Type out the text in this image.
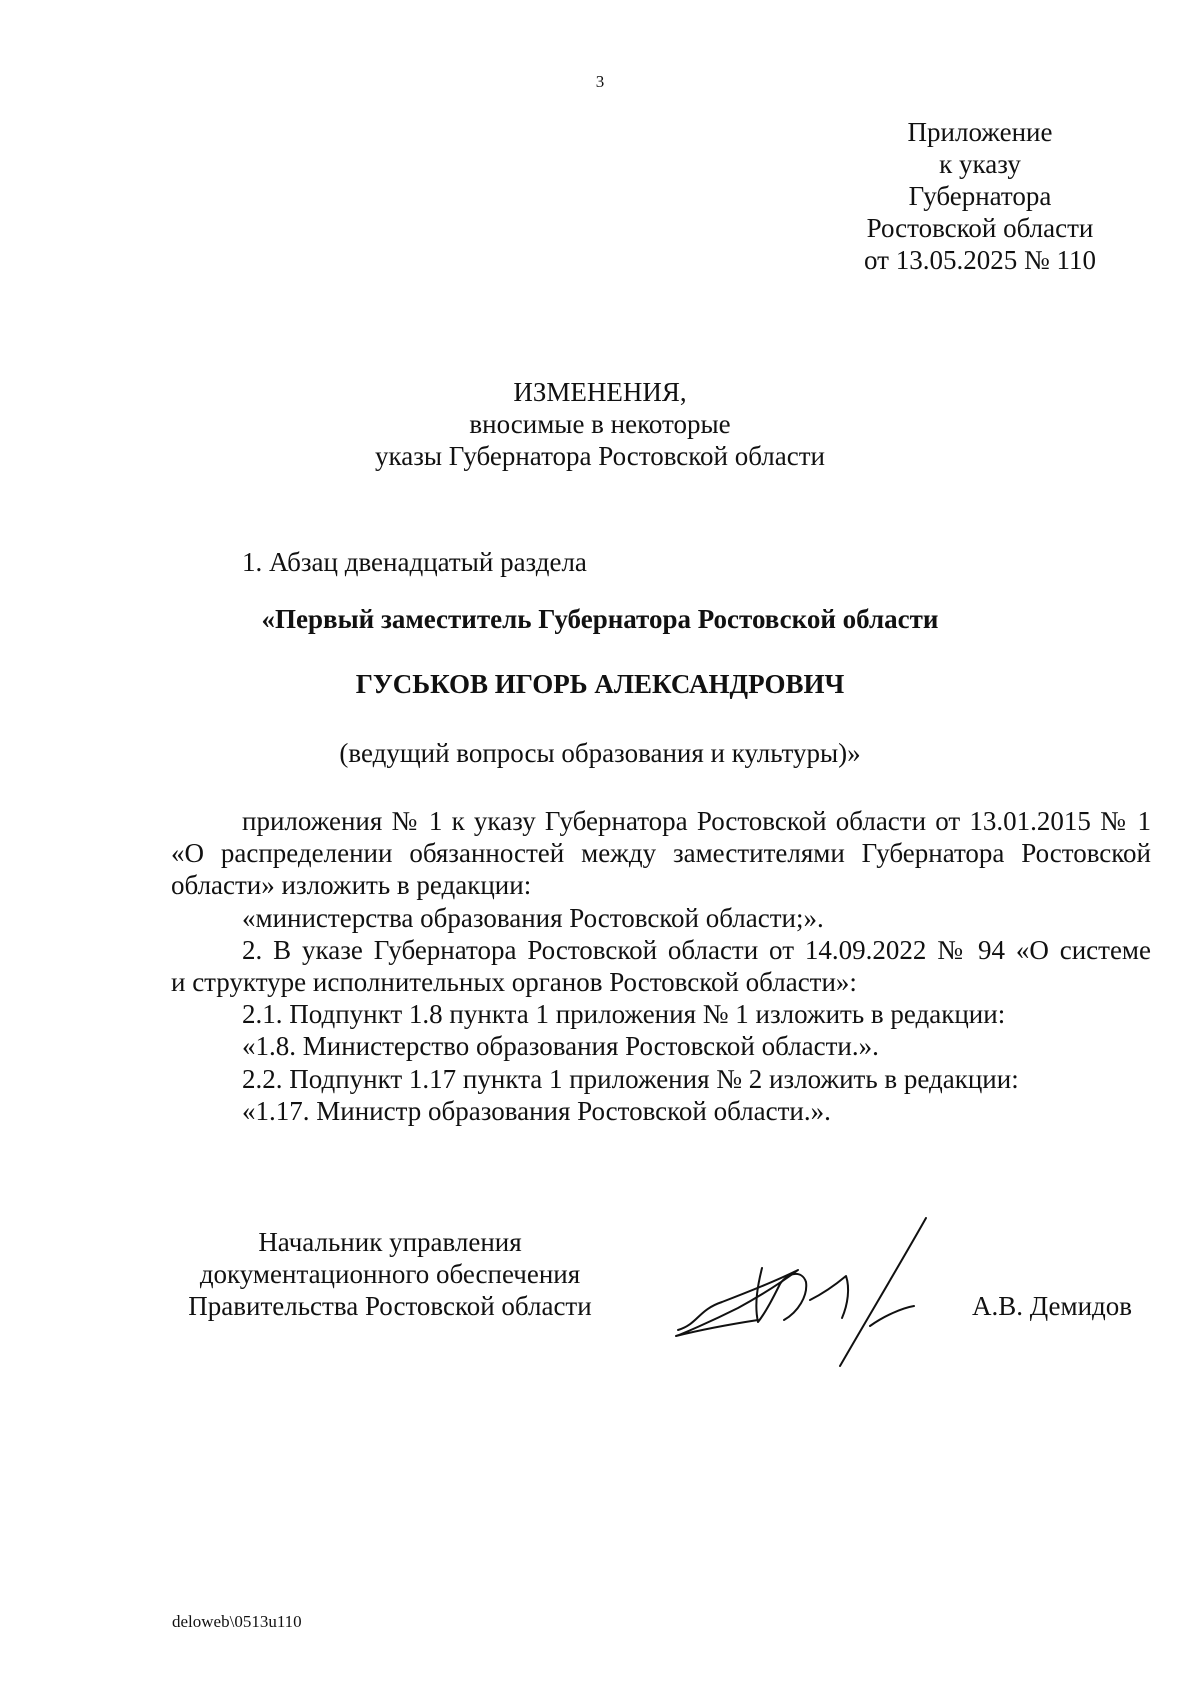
3
Приложение
к указу
Губернатора
Ростовской области
от 13.05.2025 № 110
ИЗМЕНЕНИЯ,
вносимые в некоторые
указы Губернатора Ростовской области
1. Абзац двенадцатый раздела
«Первый заместитель Губернатора Ростовской области
ГУСЬКОВ ИГОРЬ АЛЕКСАНДРОВИЧ
(ведущий вопросы образования и культуры)»
приложения № 1 к указу Губернатора Ростовской области от 13.01.2015 № 1
«О распределении обязанностей между заместителями Губернатора Ростовской
области» изложить в редакции:
«министерства образования Ростовской области;».
2. В указе Губернатора Ростовской области от 14.09.2022 № 94 «О системе
и структуре исполнительных органов Ростовской области»:
2.1. Подпункт 1.8 пункта 1 приложения № 1 изложить в редакции:
«1.8. Министерство образования Ростовской области.».
2.2. Подпункт 1.17 пункта 1 приложения № 2 изложить в редакции:
«1.17. Министр образования Ростовской области.».
Начальник управления
документационного обеспечения
Правительства Ростовской области	А.В. Демидов
deloweb\0513u110
